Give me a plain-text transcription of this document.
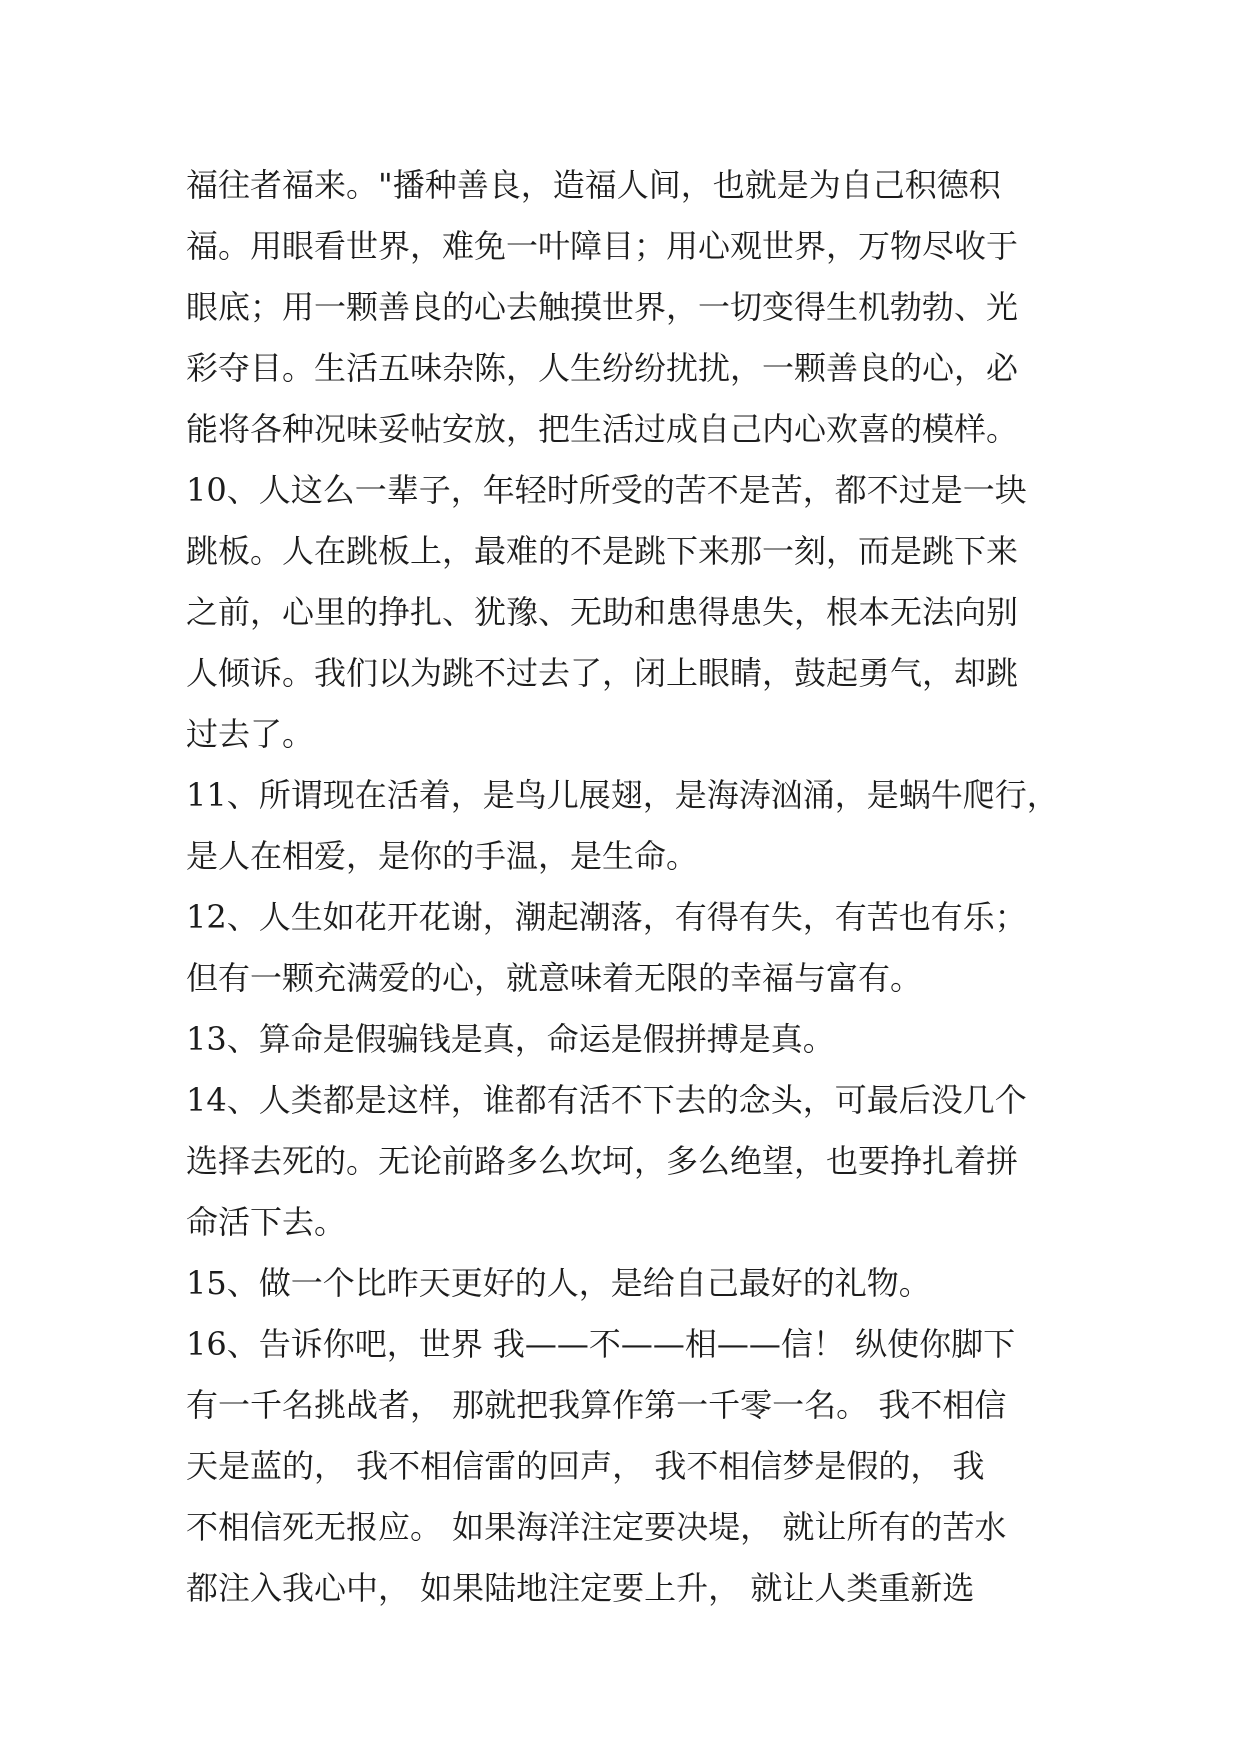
福往者福来。"播种善良，造福人间，也就是为自己积德积
福。用眼看世界，难免一叶障目；用心观世界，万物尽收于
眼底；用一颗善良的心去触摸世界，一切变得生机勃勃、光
彩夺目。生活五味杂陈，人生纷纷扰扰，一颗善良的心，必
能将各种况味妥帖安放，把生活过成自己内心欢喜的模样。
10、人这么一辈子，年轻时所受的苦不是苦，都不过是一块
跳板。人在跳板上，最难的不是跳下来那一刻，而是跳下来
之前，心里的挣扎、犹豫、无助和患得患失，根本无法向别
人倾诉。我们以为跳不过去了，闭上眼睛，鼓起勇气，却跳
过去了。
11、所谓现在活着，是鸟儿展翅，是海涛汹涌，是蜗牛爬行，
是人在相爱，是你的手温，是生命。
12、人生如花开花谢，潮起潮落，有得有失，有苦也有乐；
但有一颗充满爱的心，就意味着无限的幸福与富有。
13、算命是假骗钱是真，命运是假拼搏是真。
14、人类都是这样，谁都有活不下去的念头，可最后没几个
选择去死的。无论前路多么坎坷，多么绝望，也要挣扎着拼
命活下去。
15、做一个比昨天更好的人，是给自己最好的礼物。
16、告诉你吧，世界 我——不——相——信！ 纵使你脚下
有一千名挑战者， 那就把我算作第一千零一名。 我不相信
天是蓝的， 我不相信雷的回声， 我不相信梦是假的， 我
不相信死无报应。 如果海洋注定要决堤， 就让所有的苦水
都注入我心中， 如果陆地注定要上升， 就让人类重新选
